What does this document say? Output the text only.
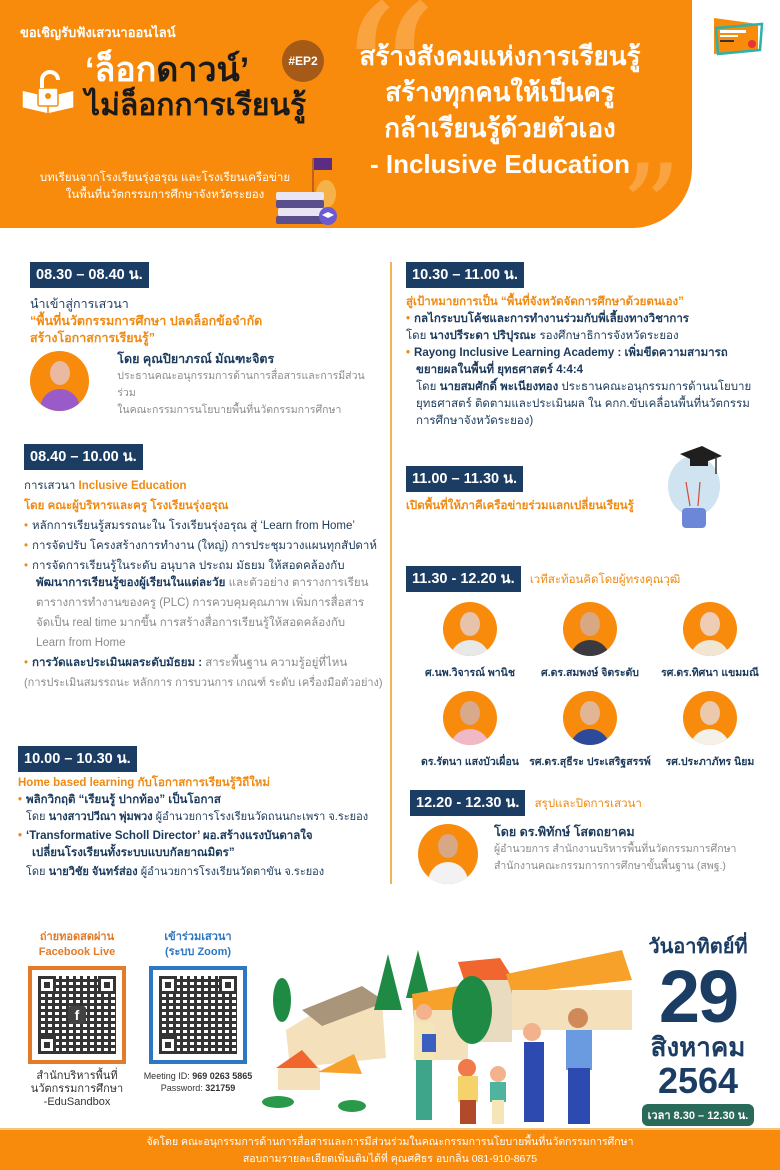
“
”
ขอเชิญรับฟังเสวนาออนไลน์
‘ล็อกดาวน์’
ไม่ล็อกการเรียนรู้
บทเรียนจากโรงเรียนรุ่งอรุณ และโรงเรียนเครือข่าย
ในพื้นที่นวัตกรรมการศึกษาจังหวัดระยอง
#EP2	สร้างสังคมแห่งการเรียนรู้
สร้างทุกคนให้เป็นครู
กล้าเรียนรู้ด้วยตัวเอง
- Inclusive Education
08.30 – 08.40 น.
นำเข้าสู่การเสวนา
“พื้นที่นวัตกรรมการศึกษา ปลดล็อกข้อจำกัด
สร้างโอกาสการเรียนรู้”
โดย คุณปิยาภรณ์ มัณฑะจิตร
ประธานคณะอนุกรรมการด้านการสื่อสารและการมีส่วนร่วม
ในคณะกรรมการนโยบายพื้นที่นวัตกรรมการศึกษา
08.40 – 10.00 น.
การเสวนา Inclusive Education
โดย คณะผู้บริหารและครู โรงเรียนรุ่งอรุณ
• หลักการเรียนรู้สมรรถนะใน โรงเรียนรุ่งอรุณ สู่ ‘Learn from Home’
• การจัดปรับ โครงสร้างการทำงาน (ใหญ่) การประชุมวางแผนทุกสัปดาห์
• การจัดการเรียนรู้ในระดับ อนุบาล ประถม มัธยม ให้สอดคล้องกับ
พัฒนาการเรียนรู้ของผู้เรียนในแต่ละวัย และตัวอย่าง ตารางการเรียน
ตารางการทำงานของครู (PLC) การควบคุมคุณภาพ เพิ่มการสื่อสาร
จัดเป็น real time มากขึ้น การสร้างสื่อการเรียนรู้ให้สอดคล้องกับ
Learn from Home
• การวัดและประเมินผลระดับมัธยม : สาระพื้นฐาน ความรู้อยู่ที่ไหน
(การประเมินสมรรถนะ หลักการ การบวนการ เกณฑ์ ระดับ เครื่องมือตัวอย่าง)
10.00 – 10.30 น.
Home based learning กับโอกาสการเรียนรู้วิถีใหม่
• พลิกวิกฤติ “เรียนรู้ ปากท้อง” เป็นโอกาส
โดย นางสาวปวีณา พุ่มพวง ผู้อำนวยการโรงเรียนวัดถนนกะเพรา จ.ระยอง
• ‘Transformative Scholl Director’ ผอ.สร้างแรงบันดาลใจ
เปลี่ยนโรงเรียนทั้งระบบแบบกัลยาณมิตร”
โดย นายวิชัย จันทร์ส่อง ผู้อำนวยการโรงเรียนวัดตาขัน จ.ระยอง
10.30 – 11.00 น.
สู่เป้าหมายการเป็น “พื้นที่จังหวัดจัดการศึกษาด้วยตนเอง”
• กลไกระบบโค้ชและการทำงานร่วมกับพี่เลี้ยงทางวิชาการ
โดย นางปรีระดา ปริปุรณะ รองศึกษาธิการจังหวัดระยอง
• Rayong Inclusive Learning Academy : เพิ่มขีดความสามารถ
ขยายผลในพื้นที่ ยุทธศาสตร์ 4:4:4
โดย นายสมศักดิ์ พะเนียงทอง ประธานคณะอนุกรรมการด้านนโยบาย
ยุทธศาสตร์ ติดตามและประเมินผล ใน คกก.ขับเคลื่อนพื้นที่นวัตกรรม
การศึกษาจังหวัดระยอง)
11.00 – 11.30 น.
เปิดพื้นที่ให้ภาคีเครือข่ายร่วมแลกเปลี่ยนเรียนรู้
11.30 - 12.20 น. เวทีสะท้อนคิดโดยผู้ทรงคุณวุฒิ
ศ.นพ.วิจารณ์ พานิช ศ.ดร.สมพงษ์ จิตระดับ รศ.ดร.ทิศนา แขมมณี
ดร.รัตนา แสงบัวเผื่อน รศ.ดร.สุธีระ ประเสริฐสรรพ์ รศ.ประภาภัทร นิยม
12.20 - 12.30 น. สรุปและปิดการเสวนา
โดย ดร.พิทักษ์ โสตถยาคม
ผู้อำนวยการ สำนักงานบริหารพื้นที่นวัตกรรมการศึกษา
สำนักงานคณะกรรมการการศึกษาขั้นพื้นฐาน (สพฐ.)
ถ่ายทอดสดผ่าน
Facebook Live
f
สำนักบริหารพื้นที่
นวัตกรรมการศึกษา
-EduSandbox
เข้าร่วมเสวนา
(ระบบ Zoom)
Meeting ID: 969 0263 5865
Password: 321759
วันอาทิตย์ที่
29
สิงหาคม
2564
เวลา 8.30 – 12.30 น.
จัดโดย คณะอนุกรรมการด้านการสื่อสารและการมีส่วนร่วมในคณะกรรมการนโยบายพื้นที่นวัตกรรมการศึกษา
สอบถามรายละเอียดเพิ่มเติมได้ที่ คุณศศิธร อบกลิ่น 081-910-8675
